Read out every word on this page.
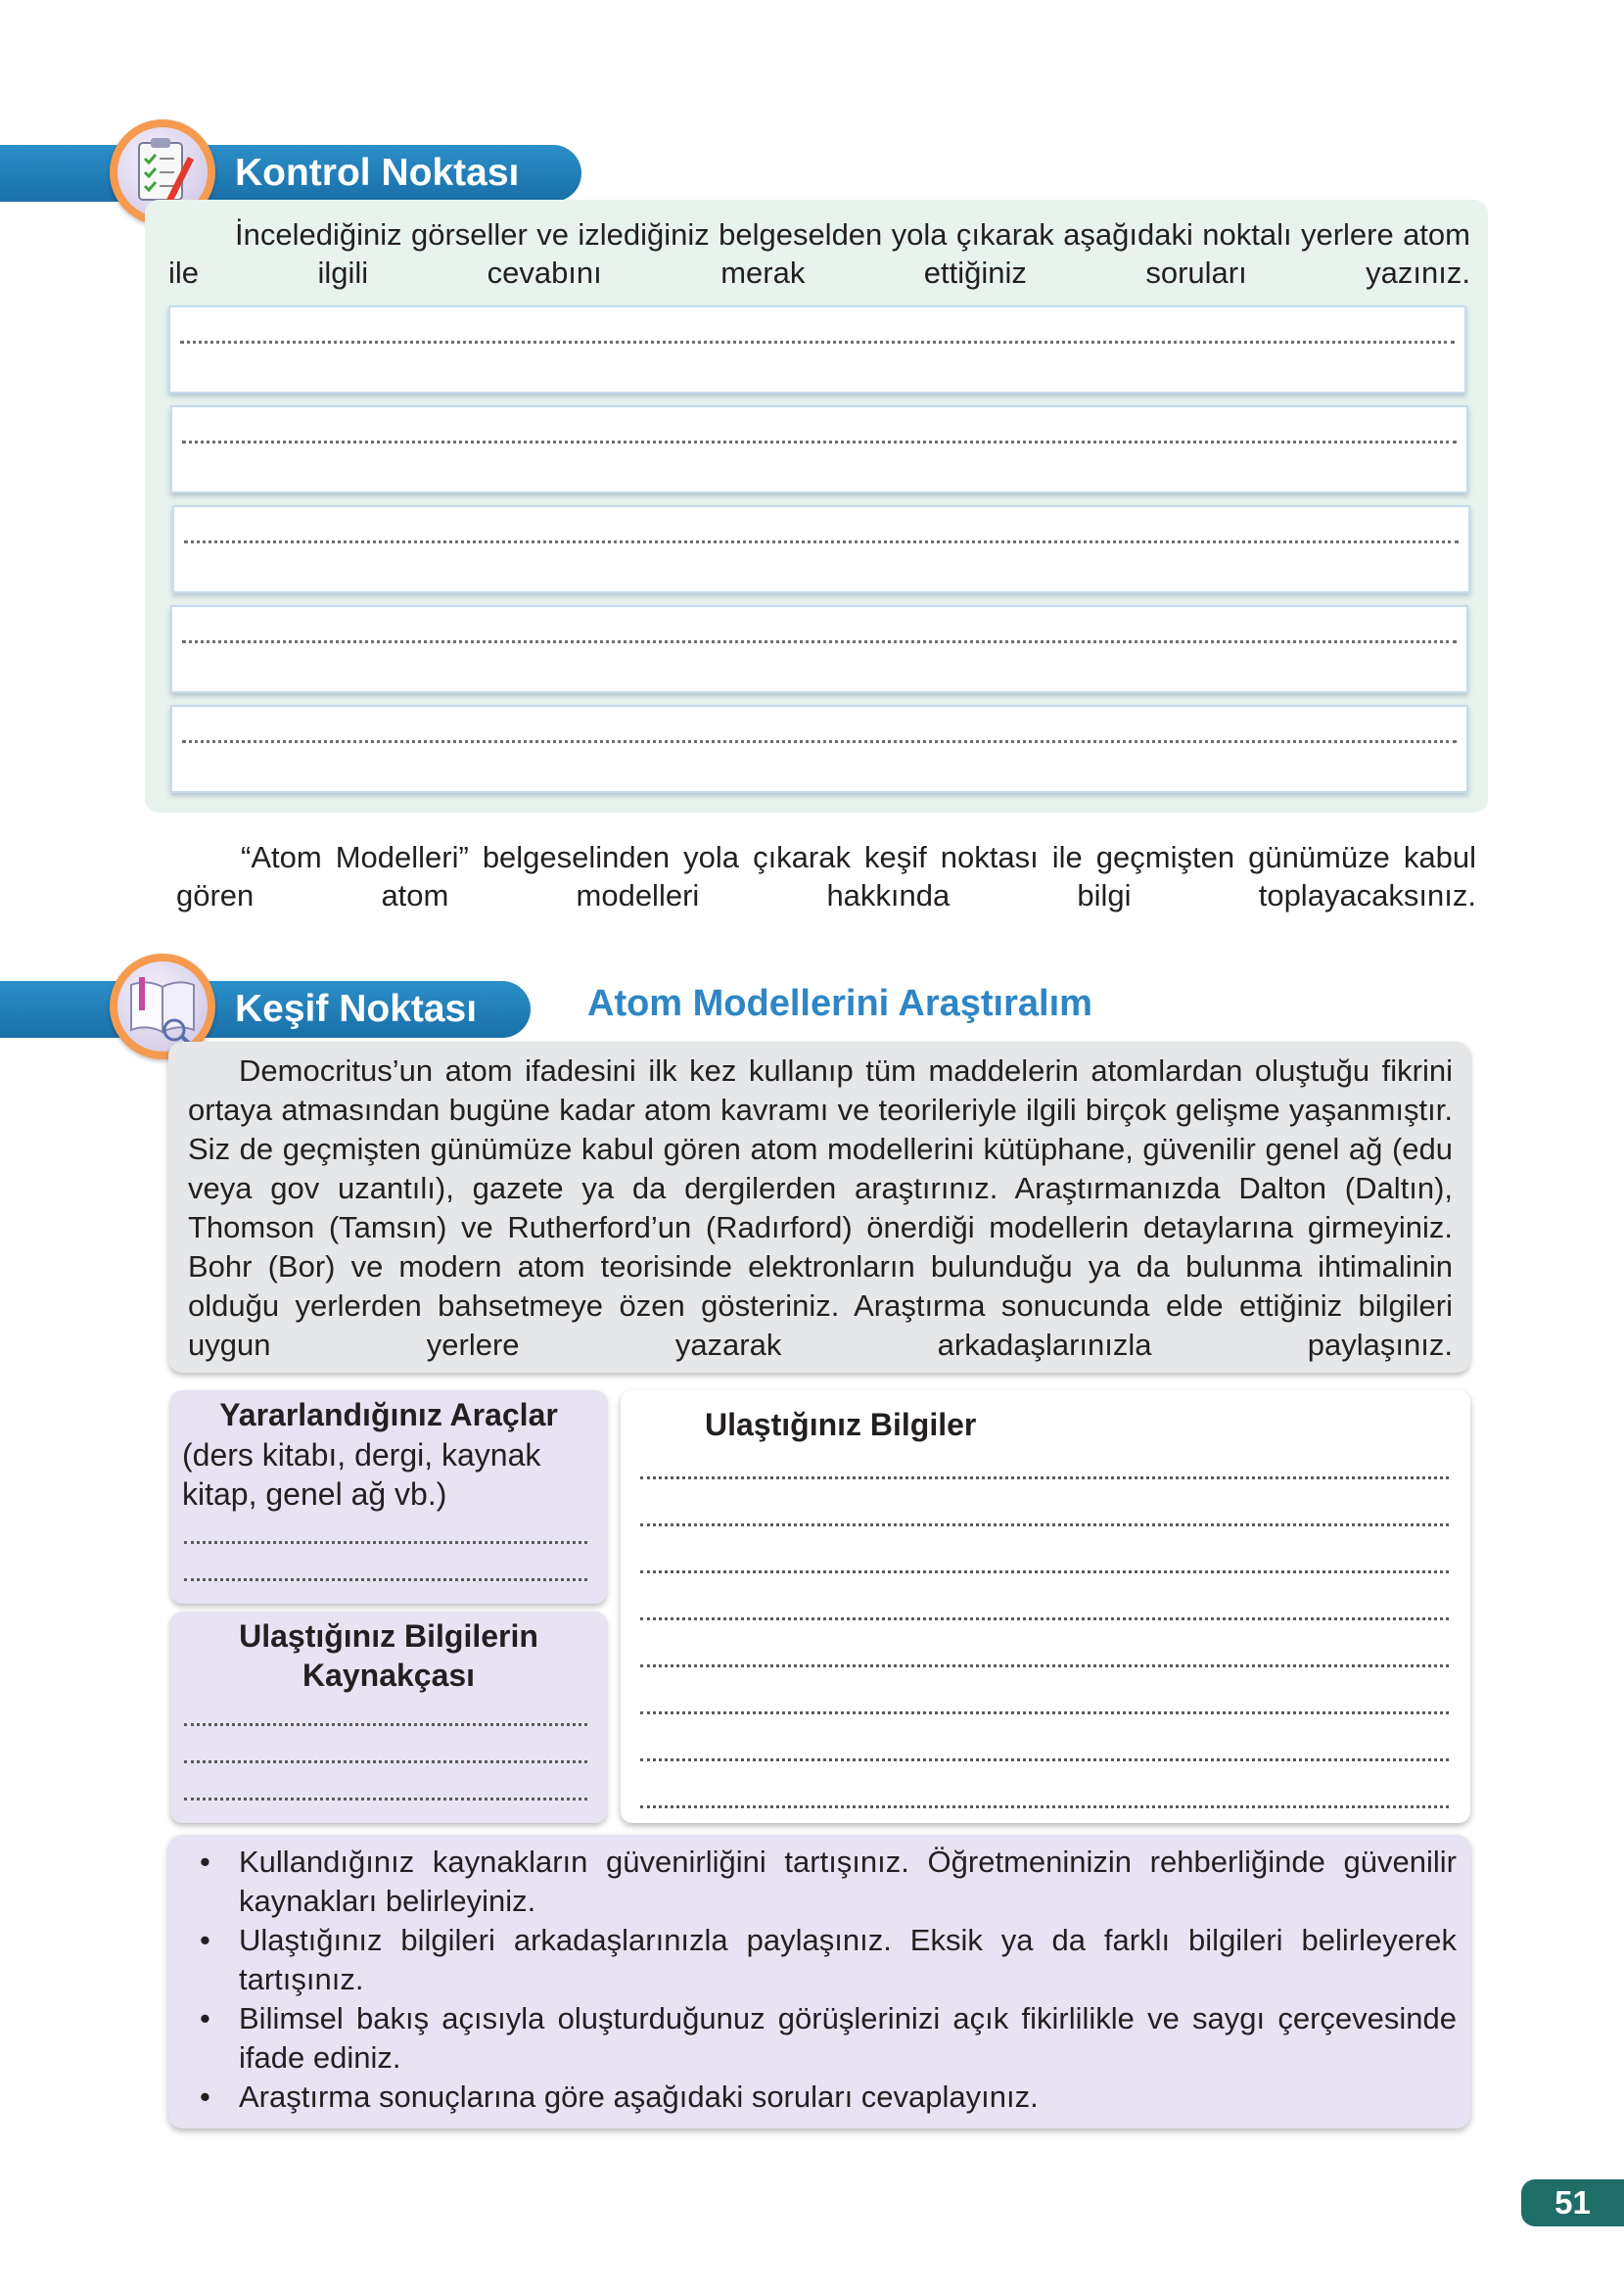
Kontrol Noktası
İncelediğiniz görseller ve izlediğiniz belgeselden yola çıkarak aşağıdaki noktalı yerlere atom ile ilgili cevabını merak ettiğiniz soruları yazınız.
“Atom Modelleri” belgeselinden yola çıkarak keşif noktası ile geçmişten günümüze kabul gören atom modelleri hakkında bilgi toplayacaksınız.
Keşif Noktası	Atom Modellerini Araştıralım
Democritus’un atom ifadesini ilk kez kullanıp tüm maddelerin atomlardan oluştuğu fikrini ortaya atmasından bugüne kadar atom kavramı ve teorileriyle ilgili birçok gelişme yaşanmıştır. Siz de geçmişten günümüze kabul gören atom modellerini kütüphane, güvenilir genel ağ (edu veya gov uzantılı), gazete ya da dergilerden araştırınız. Araştırmanızda Dalton (Daltın), Thomson (Tamsın) ve Rutherford’un (Radırford) önerdiği modellerin detaylarına girmeyiniz. Bohr (Bor) ve modern atom teorisinde elektronların bulunduğu ya da bulunma ihtimalinin olduğu yerlerden bahsetmeye özen gösteriniz. Araştırma sonucunda elde ettiğiniz bilgileri uygun yerlere yazarak arkadaşlarınızla paylaşınız.
Yararlandığınız Araçlar
(ders kitabı, dergi, kaynak kitap, genel ağ vb.)
Ulaştığınız Bilgilerin
Kaynakçası
Ulaştığınız Bilgiler
• Kullandığınız kaynakların güvenirliğini tartışınız. Öğretmeninizin rehberliğinde güvenilir kaynakları belirleyiniz.
• Ulaştığınız bilgileri arkadaşlarınızla paylaşınız. Eksik ya da farklı bilgileri belirleyerek tartışınız.
• Bilimsel bakış açısıyla oluşturduğunuz görüşlerinizi açık fikirlilikle ve saygı çerçevesinde ifade ediniz.
• Araştırma sonuçlarına göre aşağıdaki soruları cevaplayınız.
51
